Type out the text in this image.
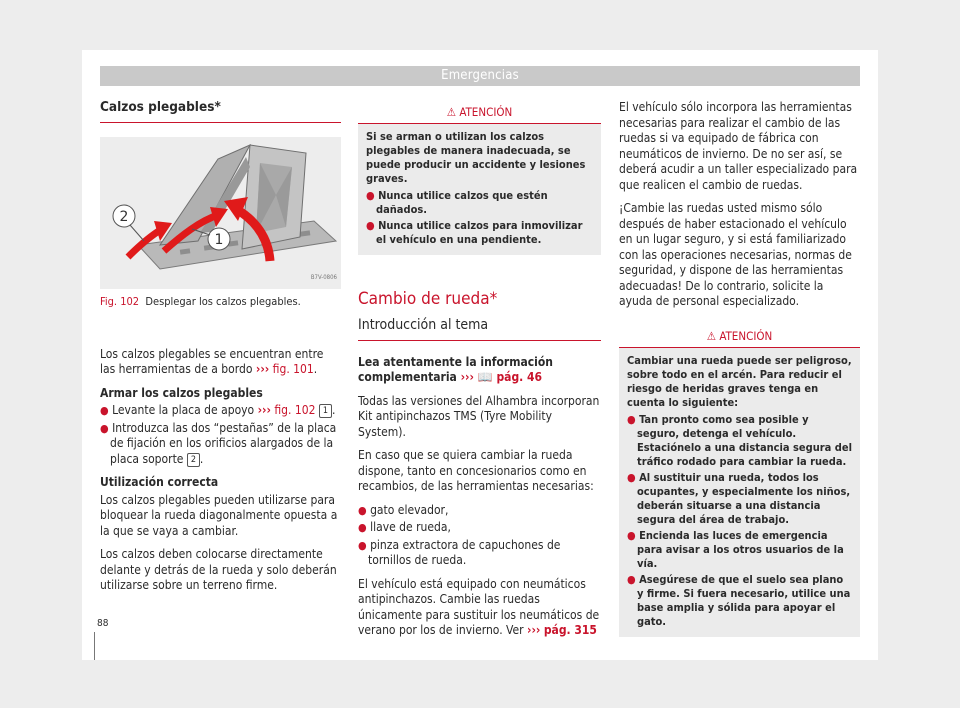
Emergencias
Calzos plegables*
2
1
B7V-0806
Fig. 102 Desplegar los calzos plegables.

Los calzos plegables se encuentran entre las herramientas de a bordo ››› fig. 101.

Armar los calzos plegables
● Levante la placa de apoyo ››› fig. 102 1 .
● Introduzca las dos “pestañas” de la placa de fijación en los orificios alargados de la placa soporte 2 .
Utilización correcta

Los calzos plegables pueden utilizarse para bloquear la rueda diagonalmente opuesta a la que se vaya a cambiar.

Los calzos deben colocarse directamente delante y detrás de la rueda y solo deberán utilizarse sobre un terreno firme.

⚠ ATENCIÓN

Si se arman o utilizan los calzos plegables de manera inadecuada, se puede producir un accidente y lesiones graves.

● Nunca utilice calzos que estén dañados.
● Nunca utilice calzos para inmovilizar el vehículo en una pendiente.
Cambio de rueda*
Introducción al tema

Lea atentamente la información complementaria ››› 📖 pág. 46

Todas las versiones del Alhambra incorporan Kit antipinchazos TMS (Tyre Mobility System).

En caso que se quiera cambiar la rueda dispone, tanto en concesionarios como en recambios, de las herramientas necesarias:

● gato elevador,
● llave de rueda,
● pinza extractora de capuchones de tornillos de rueda.

El vehículo está equipado con neumáticos antipinchazos. Cambie las ruedas únicamente para sustituir los neumáticos de verano por los de invierno. Ver ››› pág. 315

El vehículo sólo incorpora las herramientas necesarias para realizar el cambio de las ruedas si va equipado de fábrica con neumáticos de invierno. De no ser así, se deberá acudir a un taller especializado para que realicen el cambio de ruedas.

¡Cambie las ruedas usted mismo sólo después de haber estacionado el vehículo en un lugar seguro, y si está familiarizado con las operaciones necesarias, normas de seguridad, y dispone de las herramientas adecuadas! De lo contrario, solicite la ayuda de personal especializado.

⚠ ATENCIÓN

Cambiar una rueda puede ser peligroso, sobre todo en el arcén. Para reducir el riesgo de heridas graves tenga en cuenta lo siguiente:

● Tan pronto como sea posible y seguro, detenga el vehículo. Estaciónelo a una distancia segura del tráfico rodado para cambiar la rueda.
● Al sustituir una rueda, todos los ocupantes, y especialmente los niños, deberán situarse a una distancia segura del área de trabajo.
● Encienda las luces de emergencia para avisar a los otros usuarios de la vía.
● Asegúrese de que el suelo sea plano y firme. Si fuera necesario, utilice una base amplia y sólida para apoyar el gato.
88
